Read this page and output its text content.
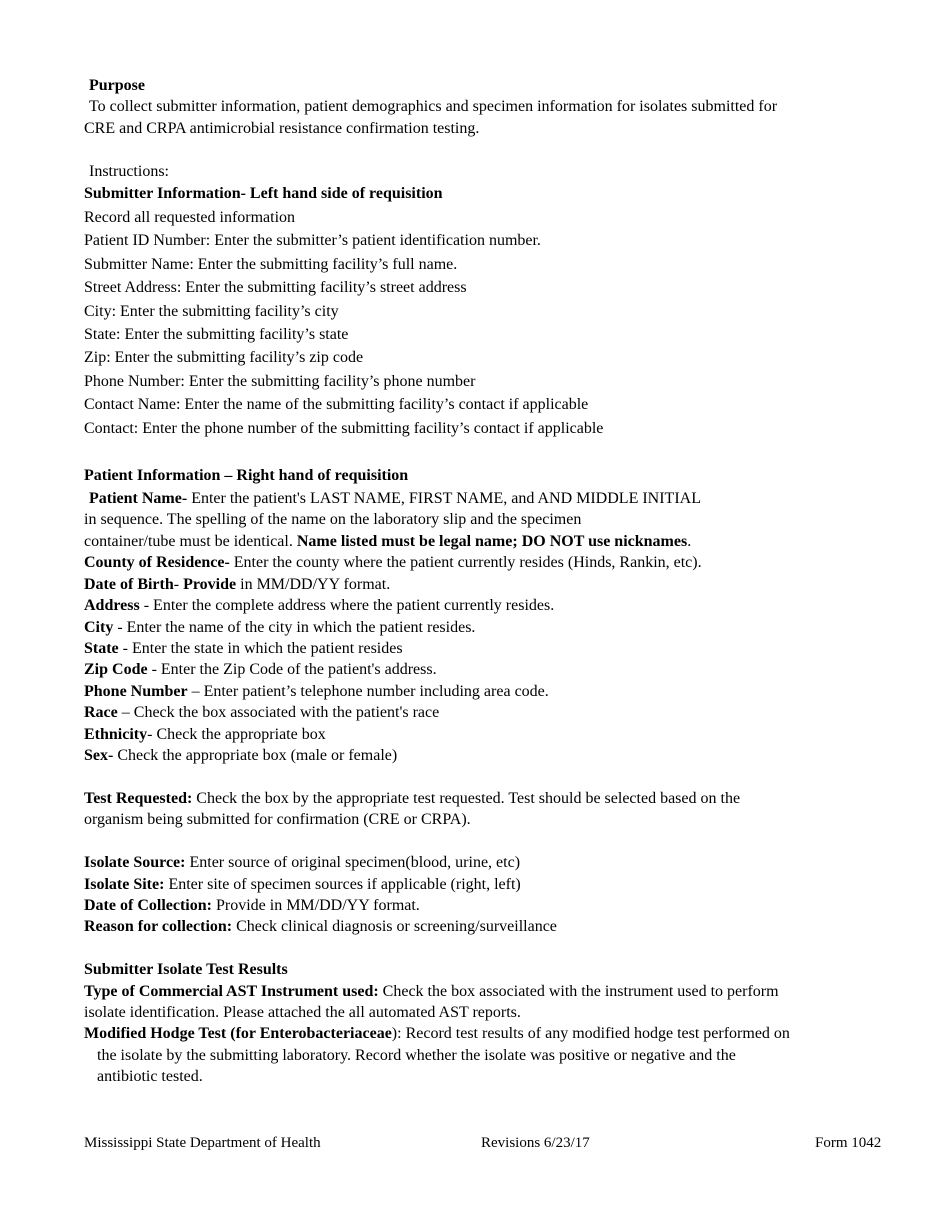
Purpose
To collect submitter information, patient demographics and specimen information for isolates submitted for
CRE and CRPA antimicrobial resistance confirmation testing.
Instructions:
Submitter Information- Left hand side of requisition
Record all requested information
Patient ID Number: Enter the submitter’s patient identification number.
Submitter Name: Enter the submitting facility’s full name.
Street Address: Enter the submitting facility’s street address
City: Enter the submitting facility’s city
State: Enter the submitting facility’s state
Zip: Enter the submitting facility’s zip code
Phone Number: Enter the submitting facility’s phone number
Contact Name: Enter the name of the submitting facility’s contact if applicable
Contact: Enter the phone number of the submitting facility’s contact if applicable
Patient Information – Right hand of requisition
Patient Name- Enter the patient's LAST NAME, FIRST NAME, and AND MIDDLE INITIAL
in sequence. The spelling of the name on the laboratory slip and the specimen
container/tube must be identical. Name listed must be legal name; DO NOT use nicknames.
County of Residence- Enter the county where the patient currently resides (Hinds, Rankin, etc).
Date of Birth- Provide in MM/DD/YY format.
Address - Enter the complete address where the patient currently resides.
City - Enter the name of the city in which the patient resides.
State - Enter the state in which the patient resides
Zip Code - Enter the Zip Code of the patient's address.
Phone Number – Enter patient’s telephone number including area code.
Race – Check the box associated with the patient's race
Ethnicity- Check the appropriate box
Sex- Check the appropriate box (male or female)
Test Requested: Check the box by the appropriate test requested. Test should be selected based on the
organism being submitted for confirmation (CRE or CRPA).
Isolate Source: Enter source of original specimen(blood, urine, etc)
Isolate Site: Enter site of specimen sources if applicable (right, left)
Date of Collection: Provide in MM/DD/YY format.
Reason for collection: Check clinical diagnosis or screening/surveillance
Submitter Isolate Test Results
Type of Commercial AST Instrument used: Check the box associated with the instrument used to perform
isolate identification. Please attached the all automated AST reports.
Modified Hodge Test (for Enterobacteriaceae): Record test results of any modified hodge test performed on
the isolate by the submitting laboratory. Record whether the isolate was positive or negative and the
antibiotic tested.
Mississippi State Department of Health	Revisions 6/23/17	Form 1042
